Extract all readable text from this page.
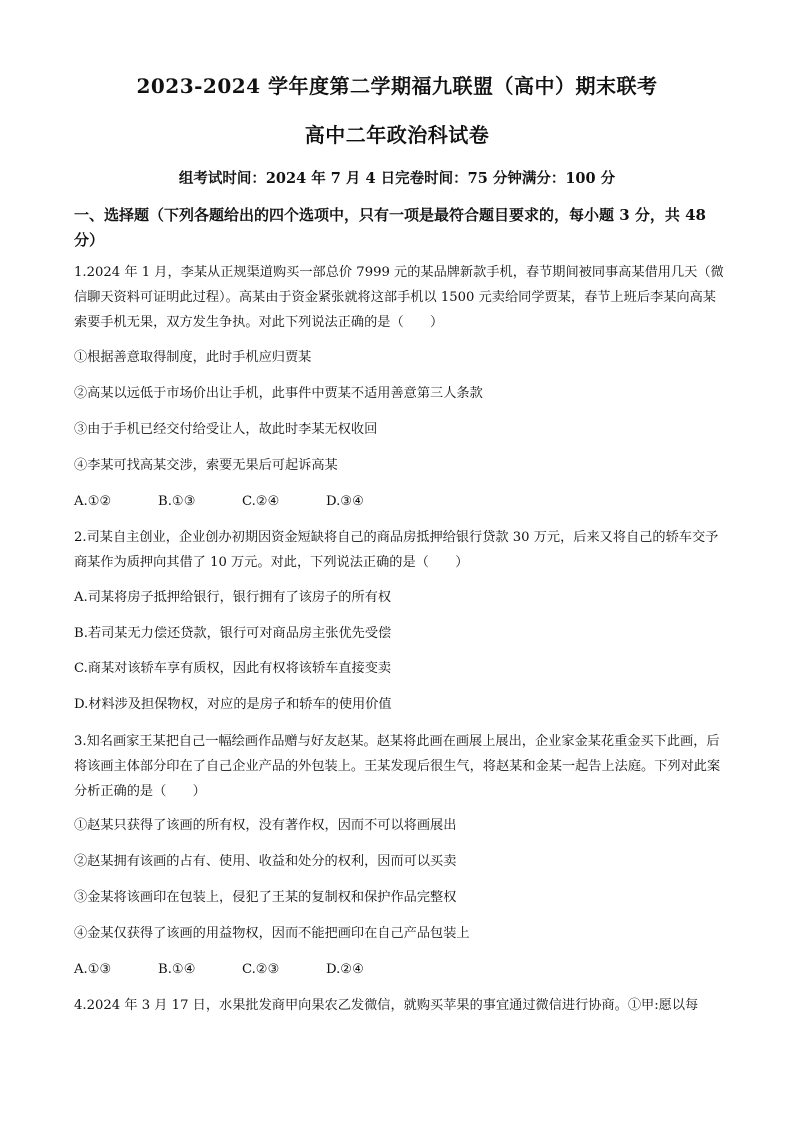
2023-2024 学年度第二学期福九联盟（高中）期末联考
高中二年政治科试卷
组考试时间：2024 年 7 月 4 日完卷时间：75 分钟满分：100 分
一、选择题（下列各题给出的四个选项中，只有一项是最符合题目要求的，每小题 3 分，共 48 分）
1.2024 年 1 月，李某从正规渠道购买一部总价 7999 元的某品牌新款手机，春节期间被同事高某借用几天（微信聊天资料可证明此过程）。高某由于资金紧张就将这部手机以 1500 元卖给同学贾某，春节上班后李某向高某索要手机无果，双方发生争执。对此下列说法正确的是（　　）
①根据善意取得制度，此时手机应归贾某
②高某以远低于市场价出让手机，此事件中贾某不适用善意第三人条款
③由于手机已经交付给受让人，故此时李某无权收回
④李某可找高某交涉，索要无果后可起诉高某
A.①②	B.①③	C.②④	D.③④
2.司某自主创业，企业创办初期因资金短缺将自己的商品房抵押给银行贷款 30 万元，后来又将自己的轿车交予商某作为质押向其借了 10 万元。对此，下列说法正确的是（　　）
A.司某将房子抵押给银行，银行拥有了该房子的所有权
B.若司某无力偿还贷款，银行可对商品房主张优先受偿
C.商某对该轿车享有质权，因此有权将该轿车直接变卖
D.材料涉及担保物权，对应的是房子和轿车的使用价值
3.知名画家王某把自己一幅绘画作品赠与好友赵某。赵某将此画在画展上展出，企业家金某花重金买下此画，后将该画主体部分印在了自己企业产品的外包装上。王某发现后很生气，将赵某和金某一起告上法庭。下列对此案分析正确的是（　　）
①赵某只获得了该画的所有权，没有著作权，因而不可以将画展出
②赵某拥有该画的占有、使用、收益和处分的权利，因而可以买卖
③金某将该画印在包装上，侵犯了王某的复制权和保护作品完整权
④金某仅获得了该画的用益物权，因而不能把画印在自己产品包装上
A.①③	B.①④	C.②③	D.②④
4.2024 年 3 月 17 日，水果批发商甲向果农乙发微信，就购买苹果的事宜通过微信进行协商。①甲:愿以每
